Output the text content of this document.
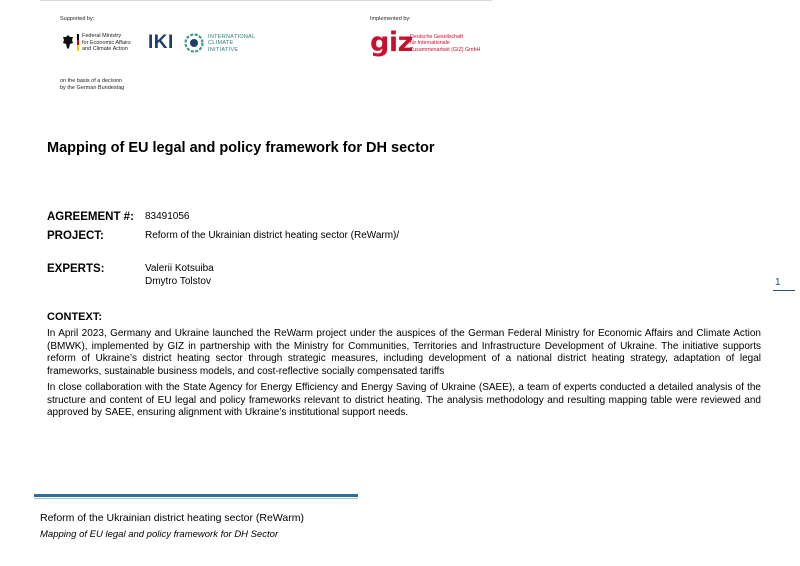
Supported by:
Federal Ministry
for Economic Affairs
and Climate Action
on the basis of a decision
by the German Bundestag
IKI	INTERNATIONAL
CLIMATE
INITIATIVE
Implemented by:
giz
Deutsche Gesellschaft
für Internationale
Zusammenarbeit (GIZ) GmbH
Mapping of EU legal and policy framework for DH sector
AGREEMENT #: 83491056
PROJECT:	Reform of the Ukrainian district heating sector (ReWarm)/
EXPERTS:	Valerii Kotsuiba
Dmytro Tolstov	1
CONTEXT:
In April 2023, Germany and Ukraine launched the ReWarm project under the auspices of the German Federal Ministry for Economic Affairs and Climate Action (BMWK), implemented by GIZ in partnership with the Ministry for Communities, Territories and Infrastructure Development of Ukraine. The initiative supports reform of Ukraine’s district heating sector through strategic measures, including development of a national district heating strategy, adaptation of legal frameworks, sustainable business models, and cost-reflective socially compensated tariffs
In close collaboration with the State Agency for Energy Efficiency and Energy Saving of Ukraine (SAEE), a team of experts conducted a detailed analysis of the structure and content of EU legal and policy frameworks relevant to district heating. The analysis methodology and resulting mapping table were reviewed and approved by SAEE, ensuring alignment with Ukraine’s institutional support needs.
Reform of the Ukrainian district heating sector (ReWarm)
Mapping of EU legal and policy framework for DH Sector
